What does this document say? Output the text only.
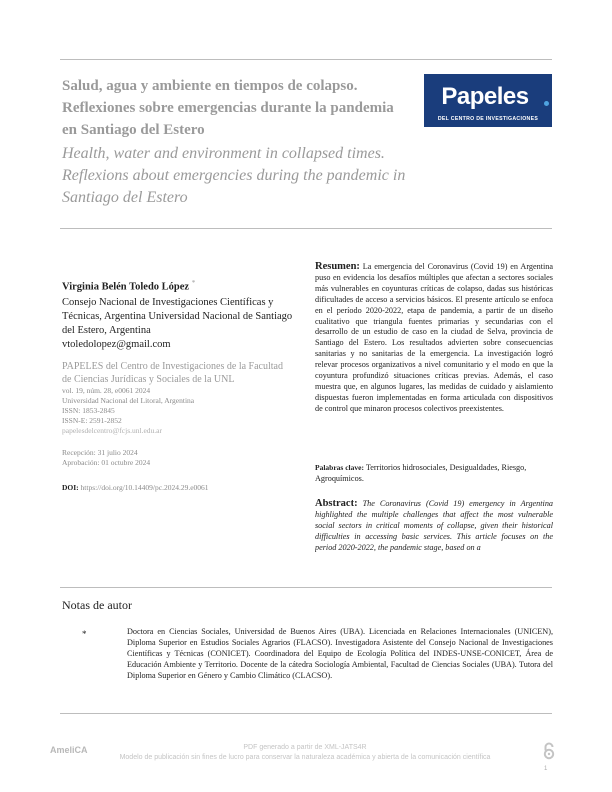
Salud, agua y ambiente en tiempos de colapso. Reflexiones sobre emergencias durante la pandemia en Santiago del Estero
Health, water and environment in collapsed times. Reflexions about emergencies during the pandemic in Santiago del Estero
Papeles
DEL CENTRO DE INVESTIGACIONES
Virginia Belén Toledo López *
Consejo Nacional de Investigaciones Científicas y Técnicas, Argentina Universidad Nacional de Santiago del Estero, Argentina
vtoledolopez@gmail.com
PAPELES del Centro de Investigaciones de la Facultad de Ciencias Jurídicas y Sociales de la UNL
vol. 19, núm. 28, e0061 2024
Universidad Nacional del Litoral, Argentina
ISSN: 1853-2845
ISSN-E: 2591-2852
papelesdelcentro@fcjs.unl.edu.ar
Recepción: 31 julio 2024
Aprobación: 01 octubre 2024
DOI: https://doi.org/10.14409/pc.2024.29.e0061
Resumen: La emergencia del Coronavirus (Covid 19) en Argentina puso en evidencia los desafíos múltiples que afectan a sectores sociales más vulnerables en coyunturas críticas de colapso, dadas sus históricas dificultades de acceso a servicios básicos. El presente artículo se enfoca en el período 2020-2022, etapa de pandemia, a partir de un diseño cualitativo que triangula fuentes primarias y secundarias con el desarrollo de un estudio de caso en la ciudad de Selva, provincia de Santiago del Estero. Los resultados advierten sobre consecuencias sanitarias y no sanitarias de la emergencia. La investigación logró relevar procesos organizativos a nivel comunitario y el modo en que la coyuntura profundizó situaciones críticas previas. Además, el caso muestra que, en algunos lugares, las medidas de cuidado y aislamiento dispuestas fueron implementadas en forma articulada con dispositivos de control que minaron procesos colectivos preexistentes.
Palabras clave: Territorios hidrosociales, Desigualdades, Riesgo, Agroquímicos.
Abstract: The Coronavirus (Covid 19) emergency in Argentina highlighted the multiple challenges that affect the most vulnerable social sectors in critical moments of collapse, given their historical difficulties in accessing basic services. This article focuses on the period 2020-2022, the pandemic stage, based on a
Notas de autor
*	Doctora en Ciencias Sociales, Universidad de Buenos Aires (UBA). Licenciada en Relaciones Internacionales (UNICEN), Diploma Superior en Estudios Sociales Agrarios (FLACSO). Investigadora Asistente del Consejo Nacional de Investigaciones Científicas y Técnicas (CONICET). Coordinadora del Equipo de Ecología Política del INDES-UNSE-CONICET, Área de Educación Ambiente y Territorio. Docente de la cátedra Sociología Ambiental, Facultad de Ciencias Sociales (UBA). Tutora del Diploma Superior en Género y Cambio Climático (CLACSO).
AmeliCA	PDF generado a partir de XML-JATS4R
Modelo de publicación sin fines de lucro para conservar la naturaleza académica y abierta de la comunicación científica
1
